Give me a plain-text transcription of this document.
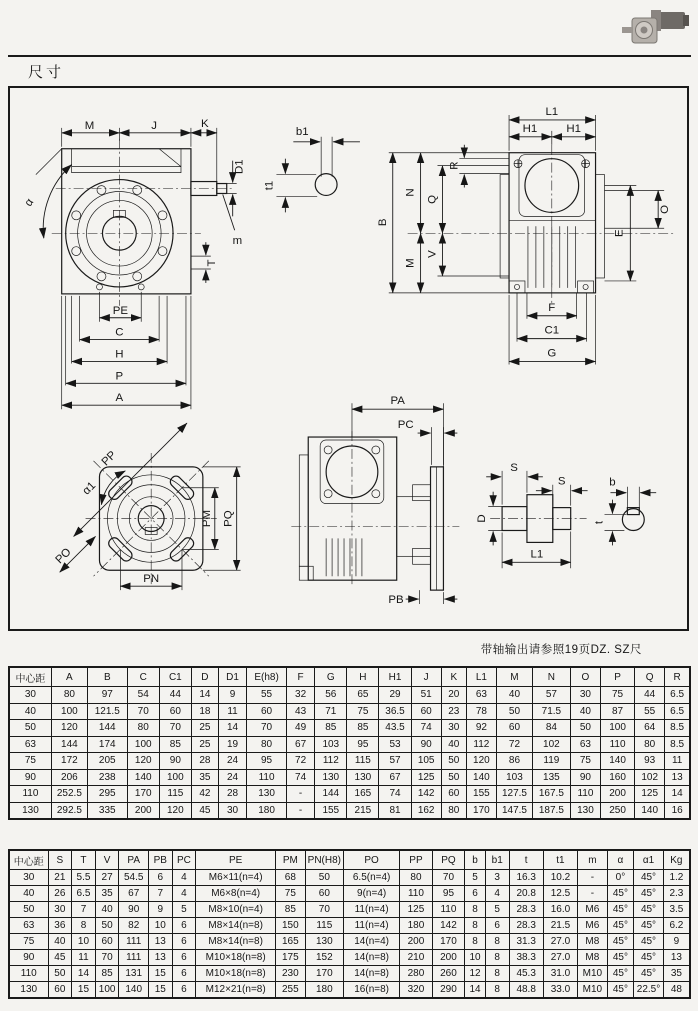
尺寸
M	J	K
D1
m
α
T
PE
C
H
P
A
b1
t1
L1
H1	H1
B
N
Q
R
M
V
E
O
F
C1
G
PP
α1
PO
PM PQ
PN
PA
PC
PB
S
S
D
L1
b
t
带轴输出请参照19页DZ. SZ尺
中心距	A	B	C	C1	D	D1	E(h8)	F	G	H	H1	J	K	L1	M	N	O	P	Q	R
30	80	97	54	44	14	9	55	32	56	65	29	51	20	63	40	57	30	75	44	6.5
40	100	121.5	70	60	18	11	60	43	71	75	36.5	60	23	78	50	71.5	40	87	55	6.5
50	120	144	80	70	25	14	70	49	85	85	43.5	74	30	92	60	84	50	100	64	8.5
63	144	174	100	85	25	19	80	67	103	95	53	90	40	112	72	102	63	110	80	8.5
75	172	205	120	90	28	24	95	72	112	115	57	105	50	120	86	119	75	140	93	11
90	206	238	140	100	35	24	110	74	130	130	67	125	50	140	103	135	90	160	102	13
110	252.5	295	170	115	42	28	130	-	144	165	74	142	60	155	127.5	167.5	110	200	125	14
130	292.5	335	200	120	45	30	180	-	155	215	81	162	80	170	147.5	187.5	130	250	140	16
中心距	S	T	V	PA	PB	PC	PE	PM	PN(H8)	PO	PP	PQ	b	b1	t	t1	m	α	α1	Kg
30	21	5.5	27	54.5	6	4	M6×11(n=4)	68	50	6.5(n=4)	80	70	5	3	16.3	10.2	-	0°	45°	1.2
40	26	6.5	35	67	7	4	M6×8(n=4)	75	60	9(n=4)	110	95	6	4	20.8	12.5	-	45°	45°	2.3
50	30	7	40	90	9	5	M8×10(n=4)	85	70	11(n=4)	125	110	8	5	28.3	16.0	M6	45°	45°	3.5
63	36	8	50	82	10	6	M8×14(n=8)	150	115	11(n=4)	180	142	8	6	28.3	21.5	M6	45°	45°	6.2
75	40	10	60	111	13	6	M8×14(n=8)	165	130	14(n=4)	200	170	8	8	31.3	27.0	M8	45°	45°	9
90	45	11	70	111	13	6	M10×18(n=8)	175	152	14(n=8)	210	200	10	8	38.3	27.0	M8	45°	45°	13
110	50	14	85	131	15	6	M10×18(n=8)	230	170	14(n=8)	280	260	12	8	45.3	31.0	M10	45°	45°	35
130	60	15	100	140	15	6	M12×21(n=8)	255	180	16(n=8)	320	290	14	8	48.8	33.0	M10	45°	22.5°	48
